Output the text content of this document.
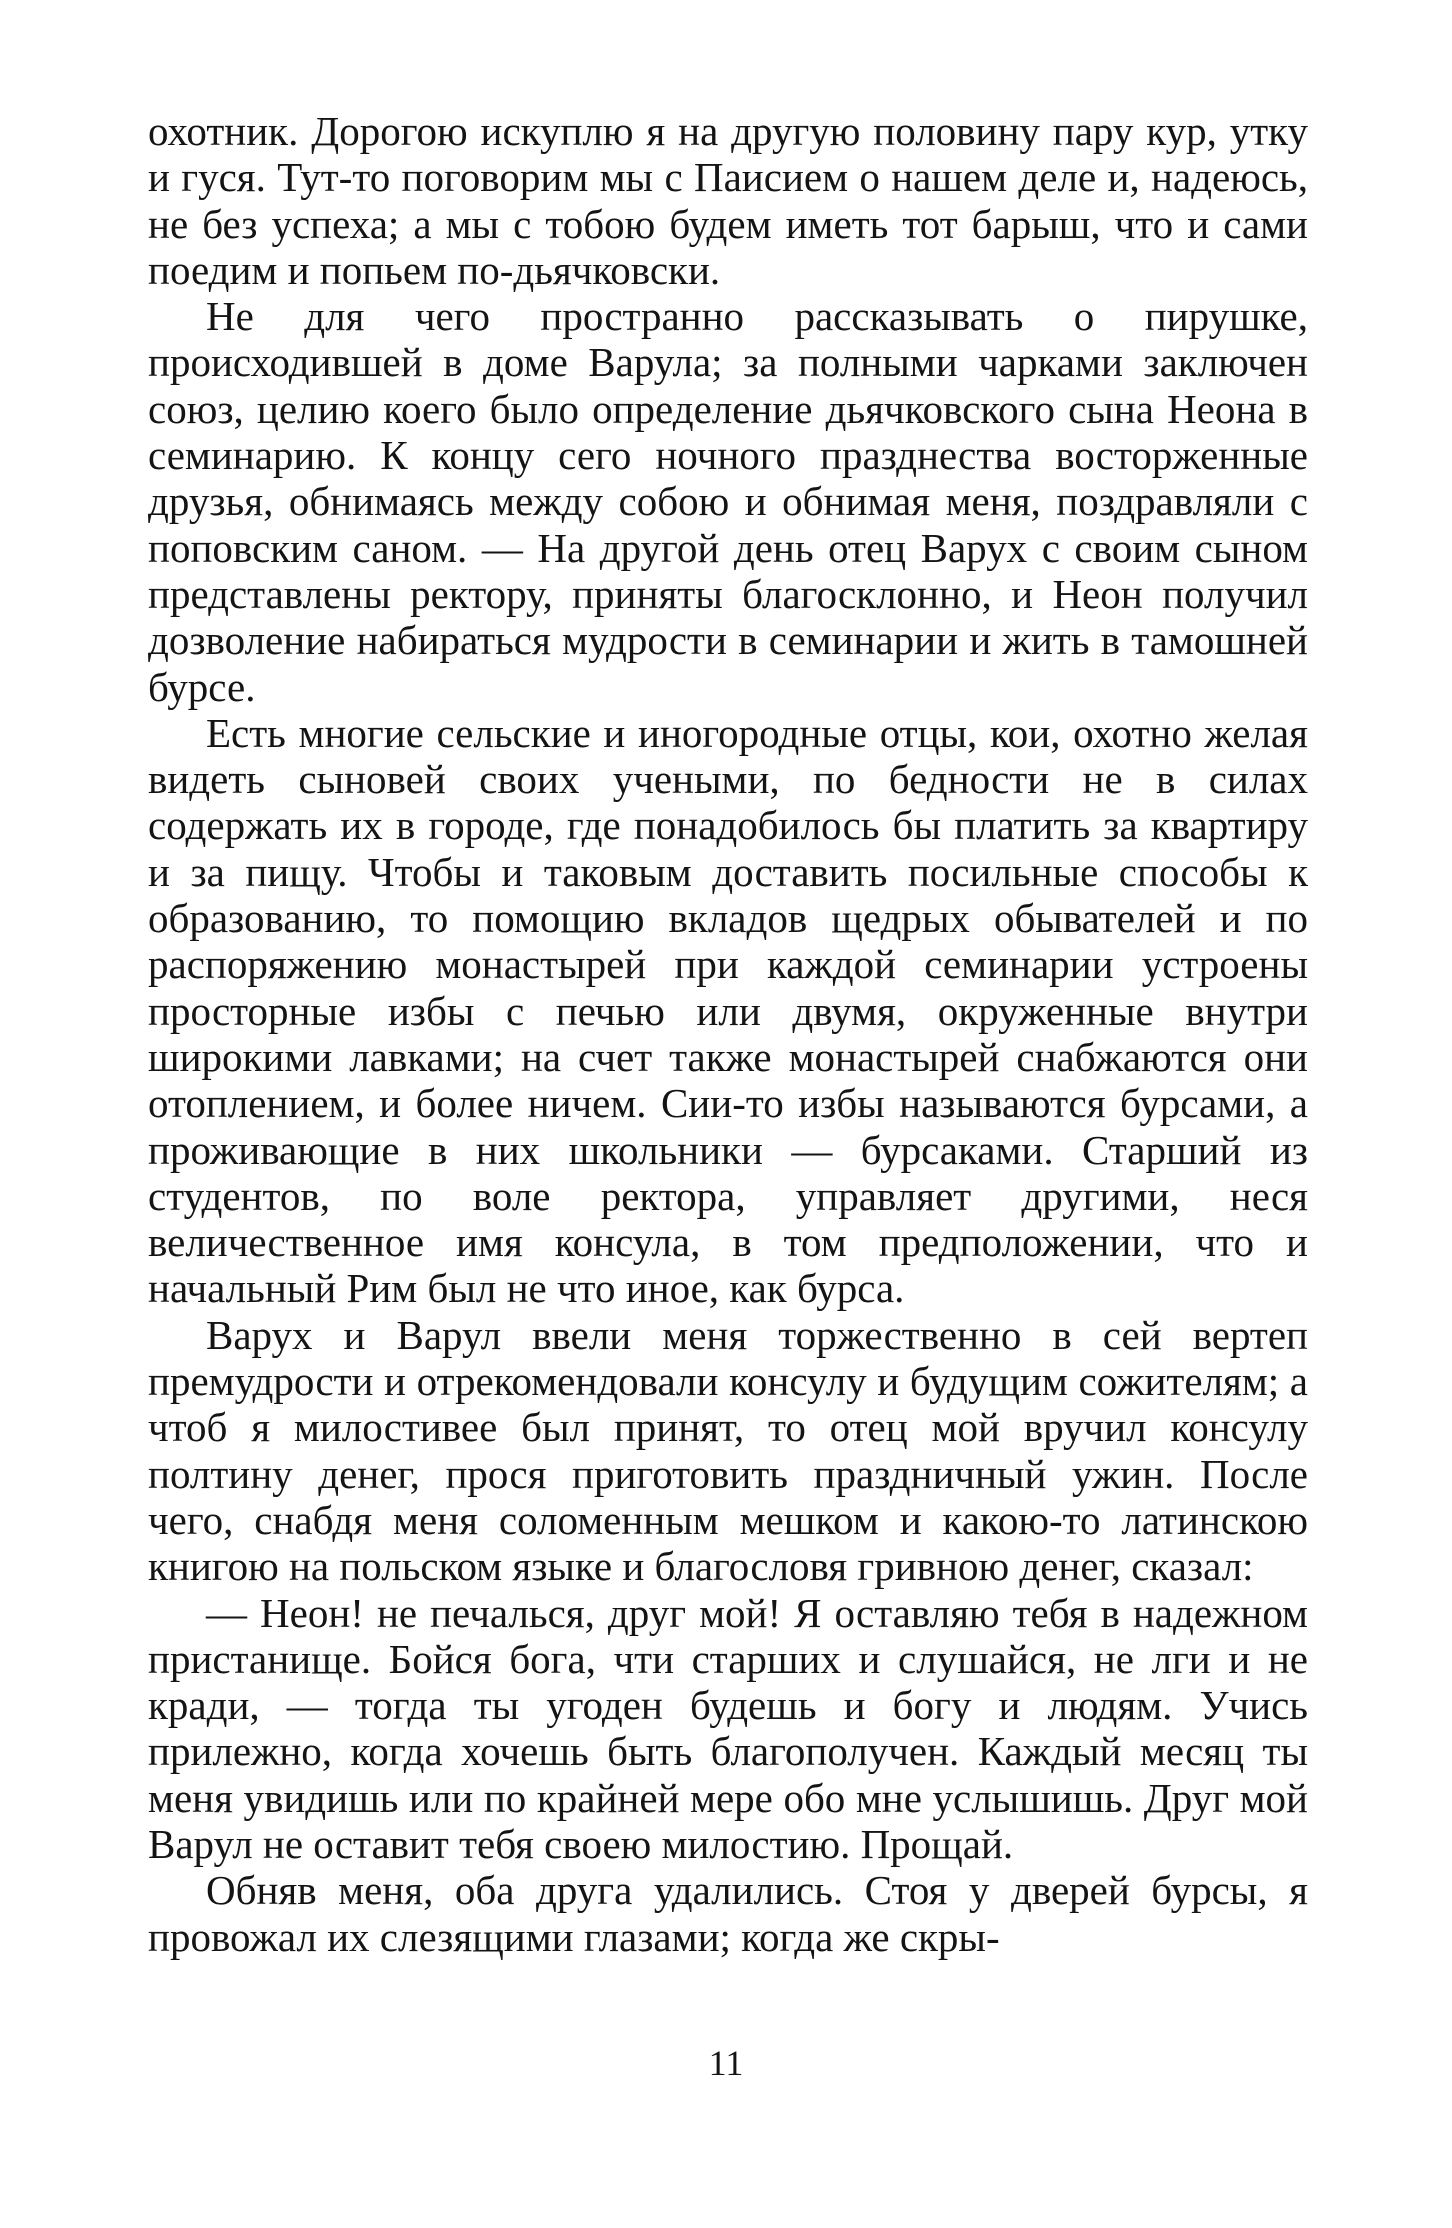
охотник. Дорогою искуплю я на другую половину пару кур, утку и гуся. Тут-то поговорим мы с Паисием о нашем деле и, надеюсь, не без успеха; а мы с тобою будем иметь тот барыш, что и сами поедим и попьем по-дьячковски.

Не для чего пространно рассказывать о пирушке, происходившей в доме Варула; за полными чарками заключен союз, целию коего было определение дьячковского сына Неона в семинарию. К концу сего ночного празднества восторженные друзья, обнимаясь между собою и обнимая меня, поздравляли с поповским саном. — На другой день отец Варух с своим сыном представлены ректору, приняты благосклонно, и Неон получил дозволение набираться мудрости в семинарии и жить в тамошней бурсе.

Есть многие сельские и иногородные отцы, кои, охотно желая видеть сыновей своих учеными, по бедности не в силах содержать их в городе, где понадобилось бы платить за квартиру и за пищу. Чтобы и таковым доставить посильные способы к образованию, то помощию вкладов щедрых обывателей и по распоряжению монастырей при каждой семинарии устроены просторные избы с печью или двумя, окруженные внутри широкими лавками; на счет также монастырей снабжаются они отоплением, и более ничем. Сии-то избы называются бурсами, а проживающие в них школьники — бурсаками. Старший из студентов, по воле ректора, управляет другими, неся величественное имя консула, в том предположении, что и начальный Рим был не что иное, как бурса.

Варух и Варул ввели меня торжественно в сей вертеп премудрости и отрекомендовали консулу и будущим сожителям; а чтоб я милостивее был принят, то отец мой вручил консулу полтину денег, прося приготовить праздничный ужин. После чего, снабдя меня соломенным мешком и какою-то латинскою книгою на польском языке и благословя гривною денег, сказал:

— Неон! не печалься, друг мой! Я оставляю тебя в надежном пристанище. Бойся бога, чти старших и слушайся, не лги и не кради, — тогда ты угоден будешь и богу и людям. Учись прилежно, когда хочешь быть благополучен. Каждый месяц ты меня увидишь или по крайней мере обо мне услышишь. Друг мой Варул не оставит тебя своею милостию. Прощай.

Обняв меня, оба друга удалились. Стоя у дверей бурсы, я провожал их слезящими глазами; когда же скры-

11
